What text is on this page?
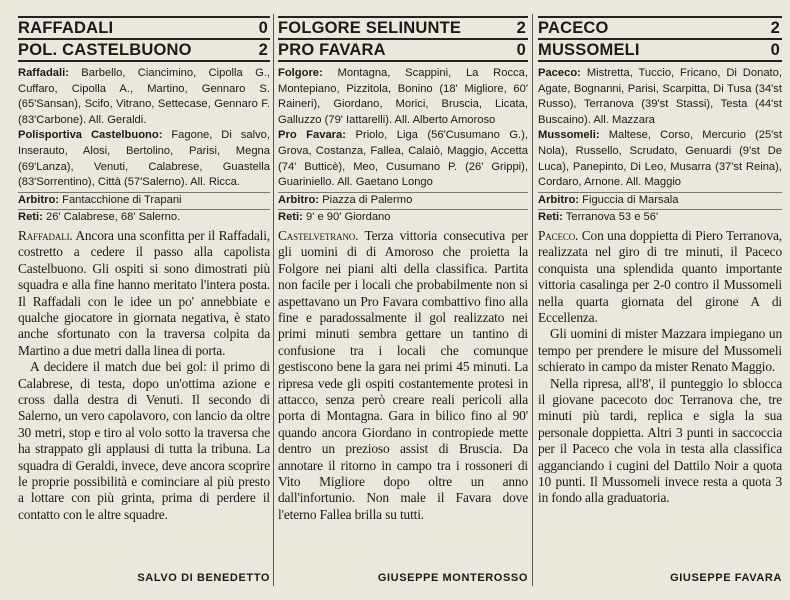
RAFFADALI	0
POL. CASTELBUONO	2

Raffadali: Barbello, Ciancimino, Cipolla G., Cuffaro, Cipolla A., Martino, Gennaro S. (65'Sansan), Scifo, Vitrano, Settecase, Gennaro F. (83'Carbone). All. Geraldi.

Polisportiva Castelbuono: Fagone, Di salvo, Inserauto, Alosi, Bertolino, Parisi, Megna (69'Lanza), Venuti, Calabrese, Guastella (83'Sorrentino), Città (57'Salerno). All. Ricca.

Arbitro: Fantacchione di Trapani

Reti: 26' Calabrese, 68' Salerno.

Raffadali. Ancora una sconfitta per il Raffadali, costretto a cedere il passo alla capolista Castelbuono. Gli ospiti si sono dimostrati più squadra e alla fine hanno meritato l'intera posta. Il Raffadali con le idee un po' annebbiate e qualche giocatore in giornata negativa, è stato anche sfortunato con la traversa colpita da Martino a due metri dalla linea di porta.

A decidere il match due bei gol: il primo di Calabrese, di testa, dopo un'ottima azione e cross dalla destra di Venuti. Il secondo di Salerno, un vero capolavoro, con lancio da oltre 30 metri, stop e tiro al volo sotto la traversa che ha strappato gli applausi di tutta la tribuna. La squadra di Geraldi, invece, deve ancora scoprire le proprie possibilità e cominciare al più presto a lottare con più grinta, prima di perdere il contatto con le altre squadre.

SALVO DI BENEDETTO
FOLGORE SELINUNTE	2
PRO FAVARA	0

Folgore: Montagna, Scappini, La Rocca, Montepiano, Pizzitola, Bonino (18' Migliore, 60' Raineri), Giordano, Morici, Bruscia, Licata, Galluzzo (79' Iattarelli). All. Alberto Amoroso

Pro Favara: Priolo, Liga (56'Cusumano G.), Grova, Costanza, Fallea, Calaiò, Maggio, Accetta (74' Butticè), Meo, Cusumano P. (26' Grippi), Guariniello. All. Gaetano Longo

Arbitro: Piazza di Palermo

Reti: 9' e 90' Giordano

Castelvetrano. Terza vittoria consecutiva per gli uomini di di Amoroso che proietta la Folgore nei piani alti della classifica. Partita non facile per i locali che probabilmente non si aspettavano un Pro Favara combattivo fino alla fine e paradossalmente il gol realizzato nei primi minuti sembra gettare un tantino di confusione tra i locali che comunque gestiscono bene la gara nei primi 45 minuti. La ripresa vede gli ospiti costantemente protesi in attacco, senza però creare reali pericoli alla porta di Montagna. Gara in bilico fino al 90' quando ancora Giordano in contropiede mette dentro un prezioso assist di Bruscia. Da annotare il ritorno in campo tra i rossoneri di Vito Migliore dopo oltre un anno dall'infortunio. Non male il Favara dove l'eterno Fallea brilla su tutti.

GIUSEPPE MONTEROSSO
PACECO	2
MUSSOMELI	0

Paceco: Mistretta, Tuccio, Fricano, Di Donato, Agate, Bognanni, Parisi, Scarpitta, Di Tusa (34'st Russo), Terranova (39'st Stassi), Testa (44'st Buscaino). All. Mazzara

Mussomeli: Maltese, Corso, Mercurio (25'st Nola), Russello, Scrudato, Genuardi (9'st De Luca), Panepinto, Di Leo, Musarra (37'st Reina), Cordaro, Arnone. All. Maggio

Arbitro: Figuccia di Marsala

Reti: Terranova 53 e 56'

Paceco. Con una doppietta di Piero Terranova, realizzata nel giro di tre minuti, il Paceco conquista una splendida quanto importante vittoria casalinga per 2-0 contro il Mussomeli nella quarta giornata del girone A di Eccellenza.

Gli uomini di mister Mazzara impiegano un tempo per prendere le misure del Mussomeli schierato in campo da mister Renato Maggio.

Nella ripresa, all'8', il punteggio lo sblocca il giovane pacecoto doc Terranova che, tre minuti più tardi, replica e sigla la sua personale doppietta. Altri 3 punti in saccoccia per il Paceco che vola in testa alla classifica agganciando i cugini del Dattilo Noir a quota 10 punti. Il Mussomeli invece resta a quota 3 in fondo alla graduatoria.

GIUSEPPE FAVARA
